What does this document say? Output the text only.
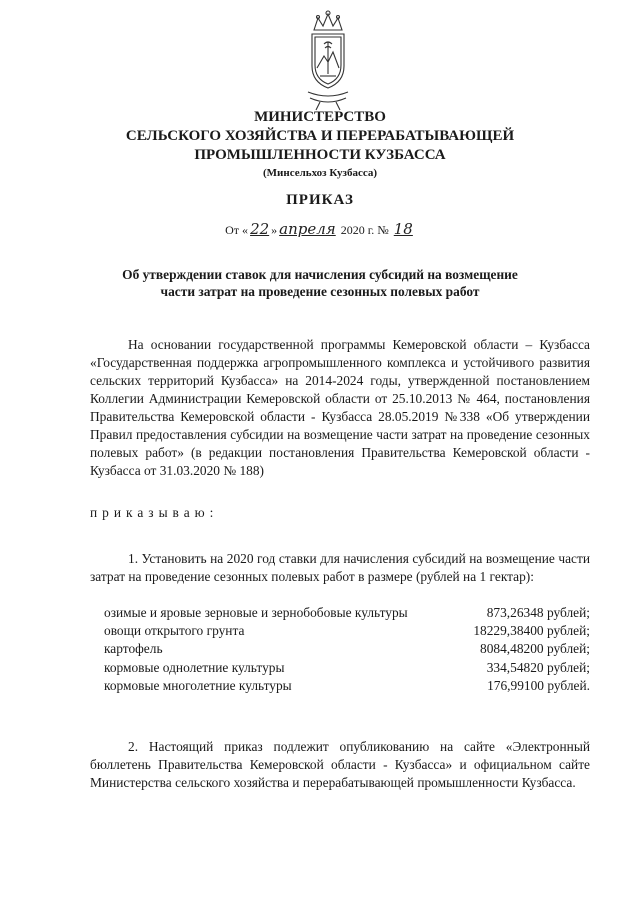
МИНИСТЕРСТВО
СЕЛЬСКОГО ХОЗЯЙСТВА И ПЕРЕРАБАТЫВАЮЩЕЙ
ПРОМЫШЛЕННОСТИ КУЗБАССА
(Минсельхоз Кузбасса)
ПРИКАЗ
От « 22 » апреля 2020 г. № 18
Об утверждении ставок для начисления субсидий на возмещение
части затрат на проведение сезонных полевых работ

На основании государственной программы Кемеровской области – Кузбасса «Государственная поддержка агропромышленного комплекса и устойчивого развития сельских территорий Кузбасса» на 2014-2024 годы, утвержденной постановлением Коллегии Администрации Кемеровской области от 25.10.2013 № 464, постановления Правительства Кемеровской области - Кузбасса 28.05.2019 №338 «Об утверждении Правил предоставления субсидии на возмещение части затрат на проведение сезонных полевых работ» (в редакции постановления Правительства Кемеровской области - Кузбасса от 31.03.2020 № 188)

приказываю:

1. Установить на 2020 год ставки для начисления субсидий на возмещение части затрат на проведение сезонных полевых работ в размере (рублей на 1 гектар):

озимые и яровые зерновые и зернобобовые культуры	873,26348 рублей;
овощи открытого грунта	18229,38400 рублей;
картофель	8084,48200 рублей;
кормовые однолетние культуры	334,54820 рублей;
кормовые многолетние культуры	176,99100 рублей.

2. Настоящий приказ подлежит опубликованию на сайте «Электронный бюллетень Правительства Кемеровской области - Кузбасса» и официальном сайте Министерства сельского хозяйства и перерабатывающей промышленности Кузбасса.
